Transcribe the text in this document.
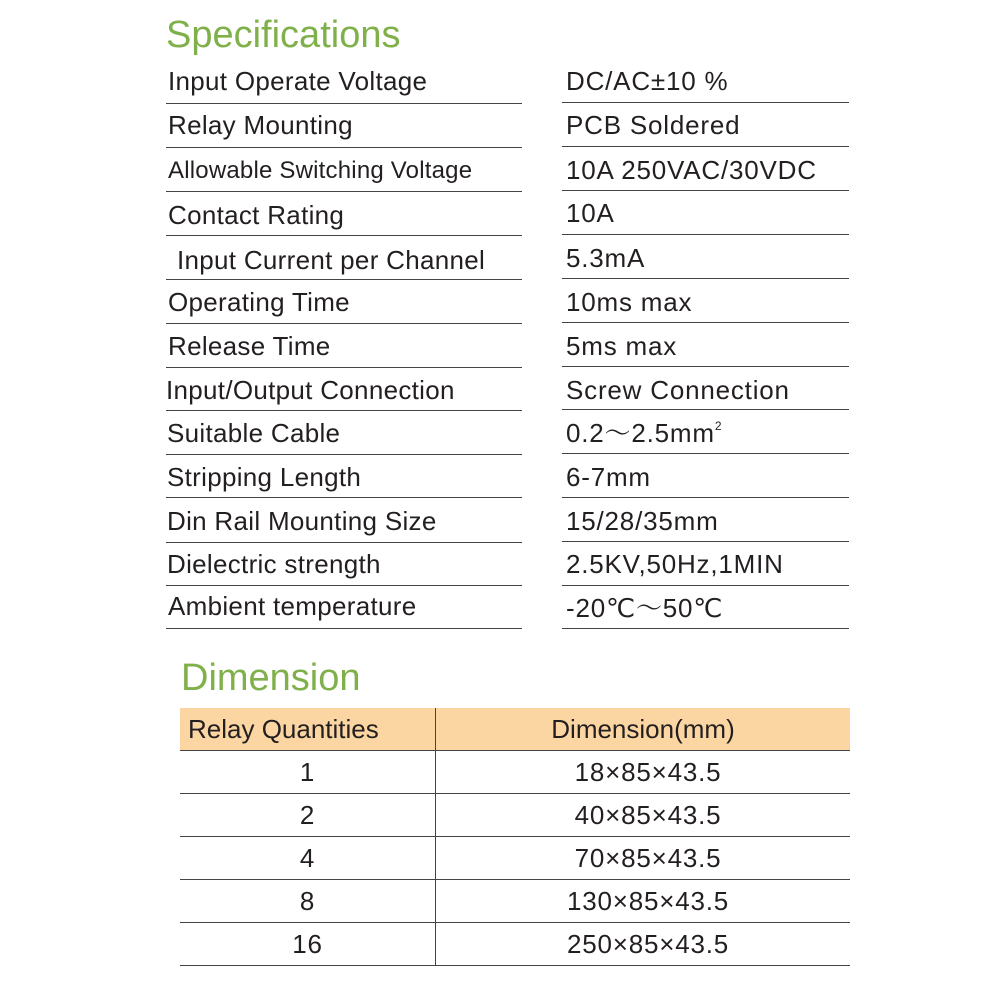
Specifications
Input Operate Voltage	DC/AC±10 %
Relay Mounting	PCB Soldered
Allowable Switching Voltage	10A 250VAC/30VDC
Contact Rating	10A
Input Current per Channel	5.3mA
Operating Time	10ms max
Release Time	5ms max
Input/Output Connection	Screw Connection
Suitable Cable	$0.2\sim 2.5mm^2$
Stripping Length	6-7mm
Din Rail Mounting Size	15/28/35mm
Dielectric strength	2.5KV,50Hz,1MIN
Ambient temperature	-20℃～50℃
Dimension
Relay Quantities	Dimension(mm)
1	18×85×43.5
2	40×85×43.5
4	70×85×43.5
8	130×85×43.5
16	250×85×43.5
